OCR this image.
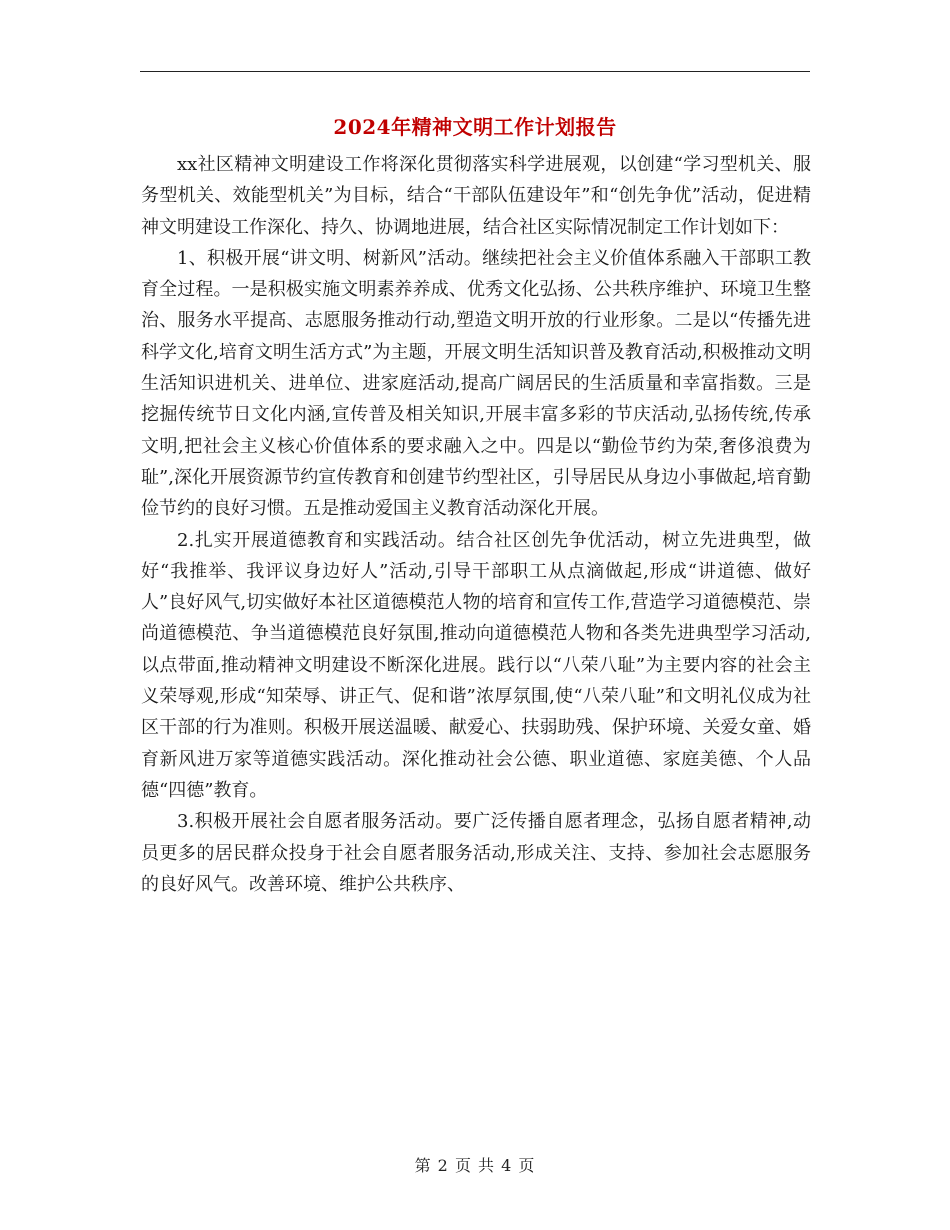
2024年精神文明工作计划报告

xx社区精神文明建设工作将深化贯彻落实科学进展观，以创建“学习型机关、服务型机关、效能型机关”为目标，结合“干部队伍建设年”和“创先争优”活动，促进精神文明建设工作深化、持久、协调地进展，结合社区实际情况制定工作计划如下：

1、积极开展“讲文明、树新风”活动。继续把社会主义价值体系融入干部职工教育全过程。一是积极实施文明素养养成、优秀文化弘扬、公共秩序维护、环境卫生整治、服务水平提高、志愿服务推动行动,塑造文明开放的行业形象。二是以“传播先进科学文化,培育文明生活方式”为主题，开展文明生活知识普及教育活动,积极推动文明生活知识进机关、进单位、进家庭活动,提高广阔居民的生活质量和幸富指数。三是挖掘传统节日文化内涵,宣传普及相关知识,开展丰富多彩的节庆活动,弘扬传统,传承文明,把社会主义核心价值体系的要求融入之中。四是以“勤俭节约为荣,奢侈浪费为耻”,深化开展资源节约宣传教育和创建节约型社区，引导居民从身边小事做起,培育勤俭节约的良好习惯。五是推动爱国主义教育活动深化开展。

2.扎实开展道德教育和实践活动。结合社区创先争优活动，树立先进典型，做好“我推举、我评议身边好人”活动,引导干部职工从点滴做起,形成“讲道德、做好人”良好风气,切实做好本社区道德模范人物的培育和宣传工作,营造学习道德模范、崇尚道德模范、争当道德模范良好氛围,推动向道德模范人物和各类先进典型学习活动,以点带面,推动精神文明建设不断深化进展。践行以“八荣八耻”为主要内容的社会主义荣辱观,形成“知荣辱、讲正气、促和谐”浓厚氛围,使“八荣八耻”和文明礼仪成为社区干部的行为准则。积极开展送温暖、献爱心、扶弱助残、保护环境、关爱女童、婚育新风进万家等道德实践活动。深化推动社会公德、职业道德、家庭美德、个人品德“四德”教育。

3.积极开展社会自愿者服务活动。要广泛传播自愿者理念，弘扬自愿者精神,动员更多的居民群众投身于社会自愿者服务活动,形成关注、支持、参加社会志愿服务的良好风气。改善环境、维护公共秩序、

第 2 页 共 4 页
